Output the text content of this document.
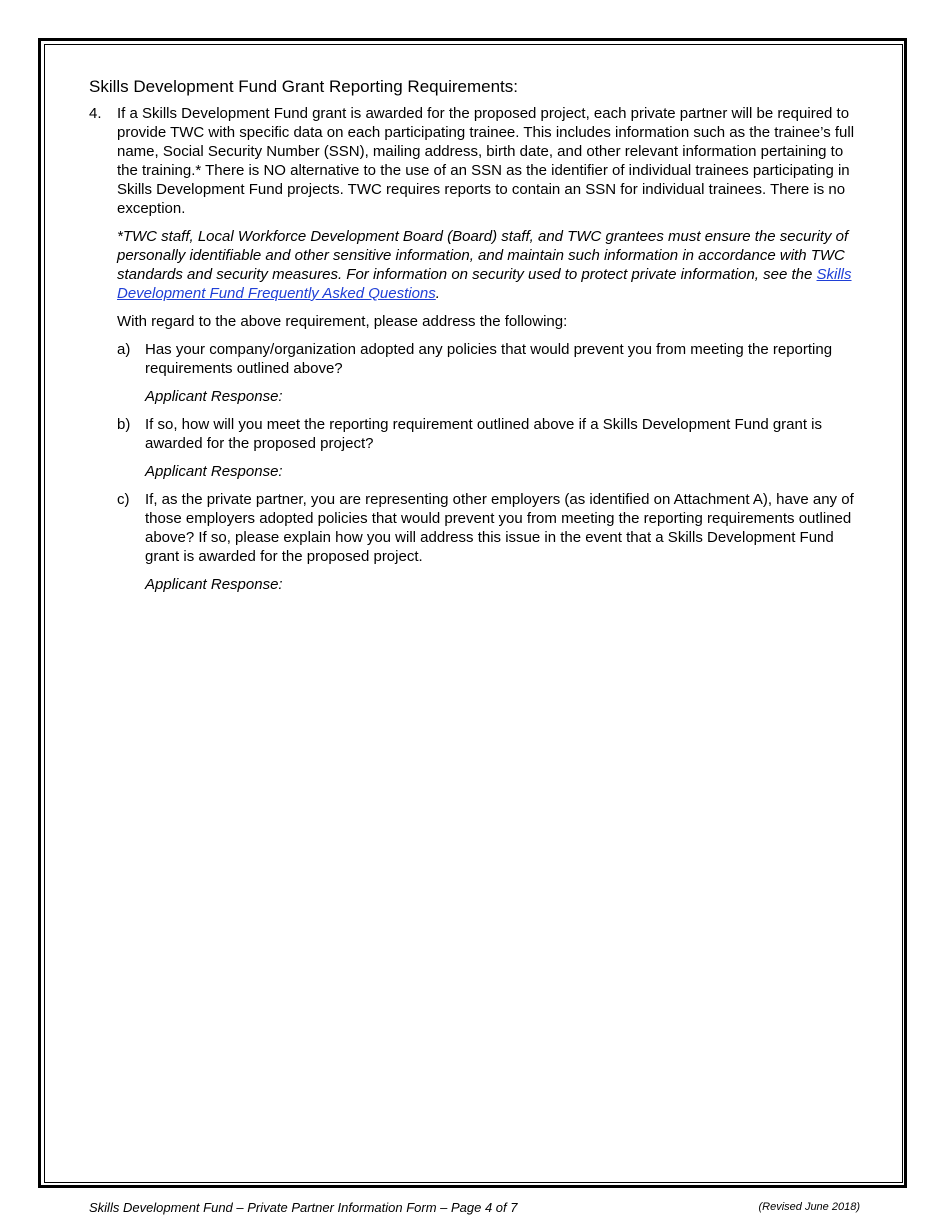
Skills Development Fund Grant Reporting Requirements:
4. If a Skills Development Fund grant is awarded for the proposed project, each private partner will be required to provide TWC with specific data on each participating trainee. This includes information such as the trainee’s full name, Social Security Number (SSN), mailing address, birth date, and other relevant information pertaining to the training.* There is NO alternative to the use of an SSN as the identifier of individual trainees participating in Skills Development Fund projects. TWC requires reports to contain an SSN for individual trainees. There is no exception.

*TWC staff, Local Workforce Development Board (Board) staff, and TWC grantees must ensure the security of personally identifiable and other sensitive information, and maintain such information in accordance with TWC standards and security measures. For information on security used to protect private information, see the Skills Development Fund Frequently Asked Questions.

With regard to the above requirement, please address the following:

a) Has your company/organization adopted any policies that would prevent you from meeting the reporting requirements outlined above?

Applicant Response:

b) If so, how will you meet the reporting requirement outlined above if a Skills Development Fund grant is awarded for the proposed project?

Applicant Response:

c) If, as the private partner, you are representing other employers (as identified on Attachment A), have any of those employers adopted policies that would prevent you from meeting the reporting requirements outlined above? If so, please explain how you will address this issue in the event that a Skills Development Fund grant is awarded for the proposed project.

Applicant Response:

Skills Development Fund – Private Partner Information Form – Page 4 of 7	(Revised June 2018)
